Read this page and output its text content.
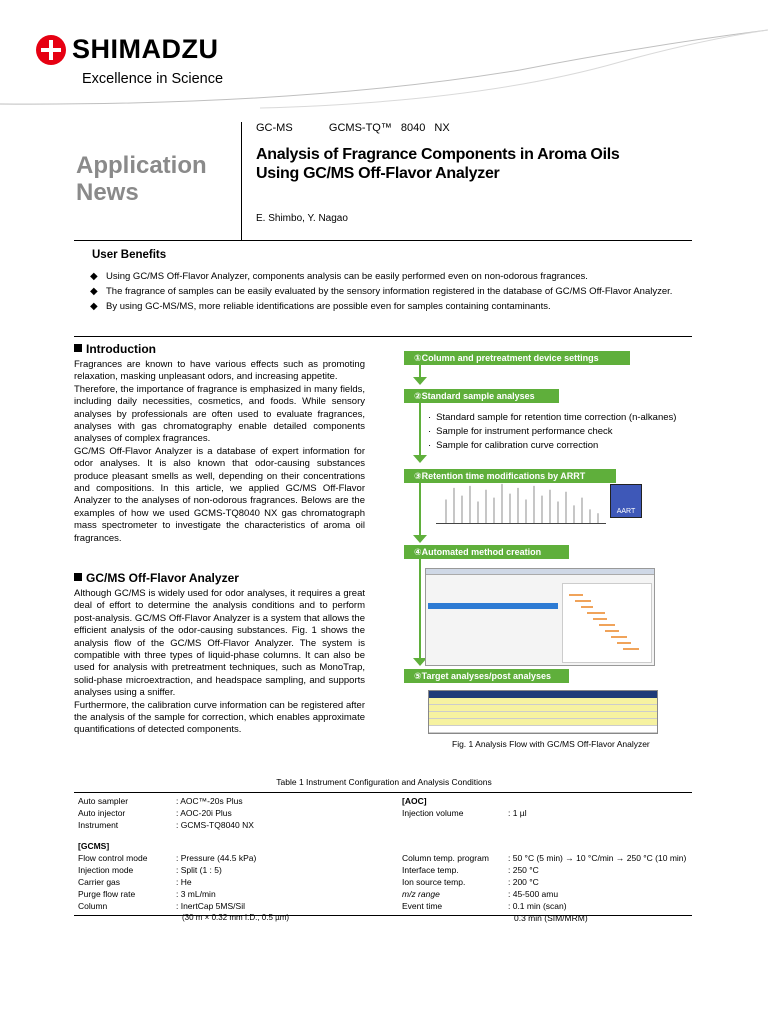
SHIMADZU
Excellence in Science
Application
News
GC-MS	GCMS-TQ™ 8040 NX
Analysis of Fragrance Components in Aroma Oils
Using GC/MS Off-Flavor Analyzer
E. Shimbo, Y. Nagao
User Benefits
◆ Using GC/MS Off-Flavor Analyzer, components analysis can be easily performed even on non-odorous fragrances.
◆ The fragrance of samples can be easily evaluated by the sensory information registered in the database of GC/MS Off-Flavor Analyzer.
◆ By using GC-MS/MS, more reliable identifications are possible even for samples containing contaminants.
Introduction

Fragrances are known to have various effects such as promoting relaxation, masking unpleasant odors, and increasing appetite.

Therefore, the importance of fragrance is emphasized in many fields, including daily necessities, cosmetics, and foods. While sensory analyses by professionals are often used to evaluate fragrances, analyses with gas chromatography enable detailed components analyses of complex fragrances.

GC/MS Off-Flavor Analyzer is a database of expert information for odor analyses. It is also known that odor-causing substances produce pleasant smells as well, depending on their concentrations and compositions. In this article, we applied GC/MS Off-Flavor Analyzer to the analyses of non-odorous fragrances. Belows are the examples of how we used GCMS-TQ8040 NX gas chromatograph mass spectrometer to investigate the characteristics of aroma oil fragrances.

GC/MS Off-Flavor Analyzer

Although GC/MS is widely used for odor analyses, it requires a great deal of effort to determine the analysis conditions and to perform post-analysis. GC/MS Off-Flavor Analyzer is a system that allows the efficient analysis of the odor-causing substances. Fig. 1 shows the analysis flow of the GC/MS Off-Flavor Analyzer. The system is compatible with three types of liquid-phase columns. It can also be used for analysis with pretreatment techniques, such as MonoTrap, solid-phase microextraction, and headspace sampling, and supports analyses using a sniffer.

Furthermore, the calibration curve information can be registered after the analysis of the sample for correction, which enables approximate quantifications of detected components.

①Column and pretreatment device settings
②Standard sample analyses
· Standard sample for retention time correction (n-alkanes)
· Sample for instrument performance check
· Sample for calibration curve correction
③Retention time modifications by ARRT
AART
④Automated method creation
⑤Target analyses/post analyses
Fig. 1 Analysis Flow with GC/MS Off-Flavor Analyzer
Table 1 Instrument Configuration and Analysis Conditions
Auto sampler	: AOC™-20s Plus
Auto injector	: AOC-20i Plus
Instrument	: GCMS-TQ8040 NX
[AOC]
Injection volume	: 1 µl
[GCMS]
Flow control mode	: Pressure (44.5 kPa)
Injection mode	: Split (1 : 5)
Carrier gas	: He
Purge flow rate	: 3 mL/min
Column	: InertCap 5MS/Sil
(30 m × 0.32 mm I.D., 0.5 µm)
Column temp. program : 50 °C (5 min) → 10 °C/min → 250 °C (10 min)
Interface temp.	: 250 °C
Ion source temp.	: 200 °C
m/z range	: 45-500 amu
Event time	: 0.1 min (scan)
0.3 min (SIM/MRM)
